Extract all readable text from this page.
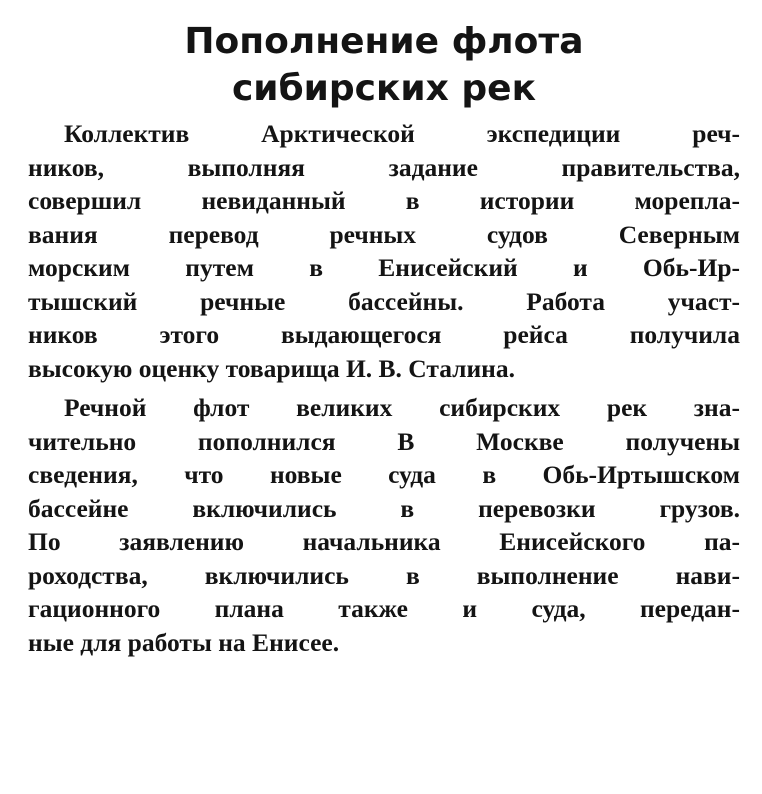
Пополнение флота
сибирских рек

Коллектив Арктической экспедиции реч-
ников, выполняя задание правительства,
совершил невиданный в истории морепла-
вания перевод речных судов Северным
морским путем в Енисейский и Обь-Ир-
тышский речные бассейны. Работа участ-
ников этого выдающегося рейса получила
высокую оценку товарища И. В. Сталина.

Речной флот великих сибирских рек зна-
чительно пополнился В Москве получены
сведения, что новые суда в Обь-Иртышском
бассейне включились в перевозки грузов.
По заявлению начальника Енисейского па-
роходства, включились в выполнение нави-
гационного плана также и суда, передан-
ные для работы на Енисее.
